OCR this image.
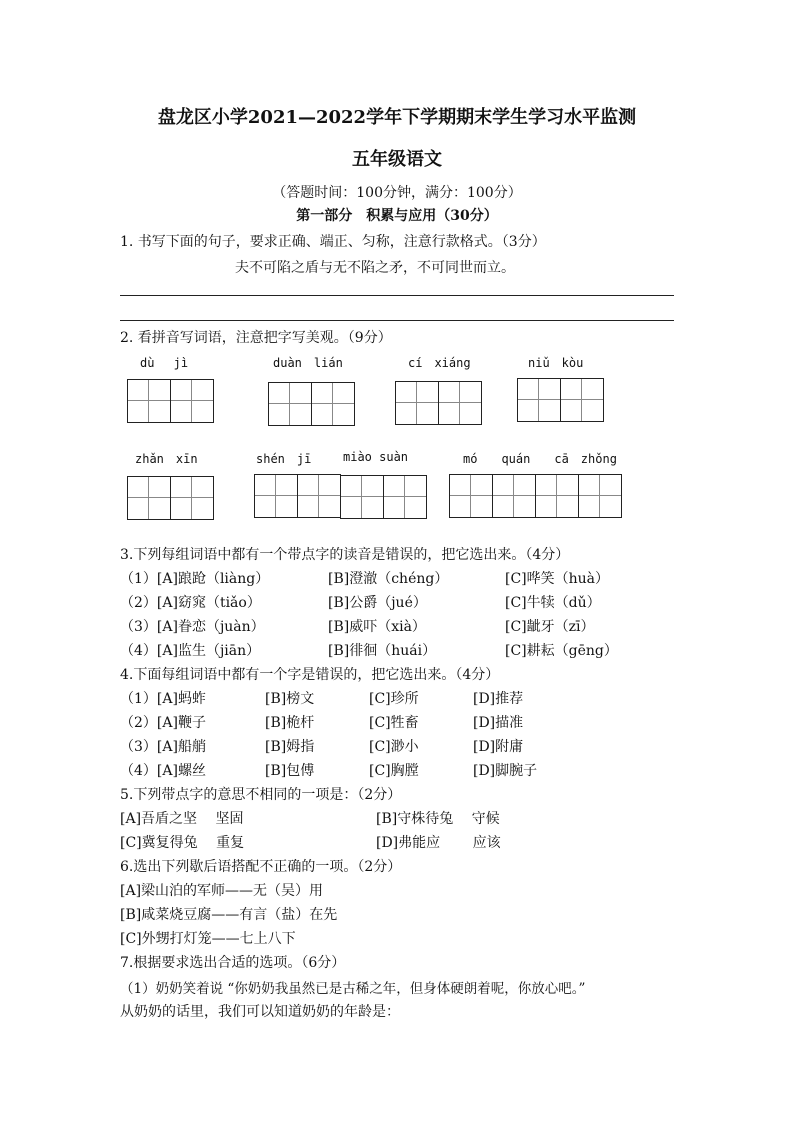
盘龙区小学2021—2022学年下学期期末学生学习水平监测
五年级语文
（答题时间：100分钟，满分：100分）
第一部分　积累与应用（30分）
1. 书写下面的句子，要求正确、端正、匀称，注意行款格式。（3分）
夫不可陷之盾与无不陷之矛，不可同世而立。
2. 看拼音写词语，注意把字写美观。（9分）
dù　 jì	duàn　lián	cí　xiáng	niǔ　kòu
zhǎn　xīn	shén　jī	miào suàn	mó　　quán　　cā　zhǒng
3.下列每组词语中都有一个带点字的读音是错误的，把它选出来。（4分）
（1）[A]踉跄（liàng）	[B]澄澈（chéng）	[C]哗笑（huà）
（2）[A]窈窕（tiǎo）	[B]公爵（jué）	[C]牛犊（dǔ）
（3）[A]眷恋（juàn）	[B]威吓（xià）	[C]龇牙（zī）
（4）[A]监生（jiān）	[B]徘徊（huái）	[C]耕耘（gēng）
4.下面每组词语中都有一个字是错误的，把它选出来。（4分）
（1）[A]蚂蚱	[B]榜文	[C]珍所	[D]推荐
（2）[A]鞭子	[B]桅杆	[C]牲畜	[D]描准
（3）[A]船艄	[B]姆指	[C]渺小	[D]附庸
（4）[A]螺丝	[B]包傅	[C]胸膛	[D]脚腕子
5.下列带点字的意思不相同的一项是：（2分）
[A]吾盾之坚　 坚固	[B]守株待兔　 守候
[C]冀复得兔　 重复	[D]弗能应　　 应该
6.选出下列歇后语搭配不正确的一项。（2分）
[A]梁山泊的军师——无（吴）用
[B]咸菜烧豆腐——有言（盐）在先
[C]外甥打灯笼——七上八下
7.根据要求选出合适的选项。（6分）
（1）奶奶笑着说 “你奶奶我虽然已是古稀之年，但身体硬朗着呢，你放心吧。”
从奶奶的话里，我们可以知道奶奶的年龄是：
